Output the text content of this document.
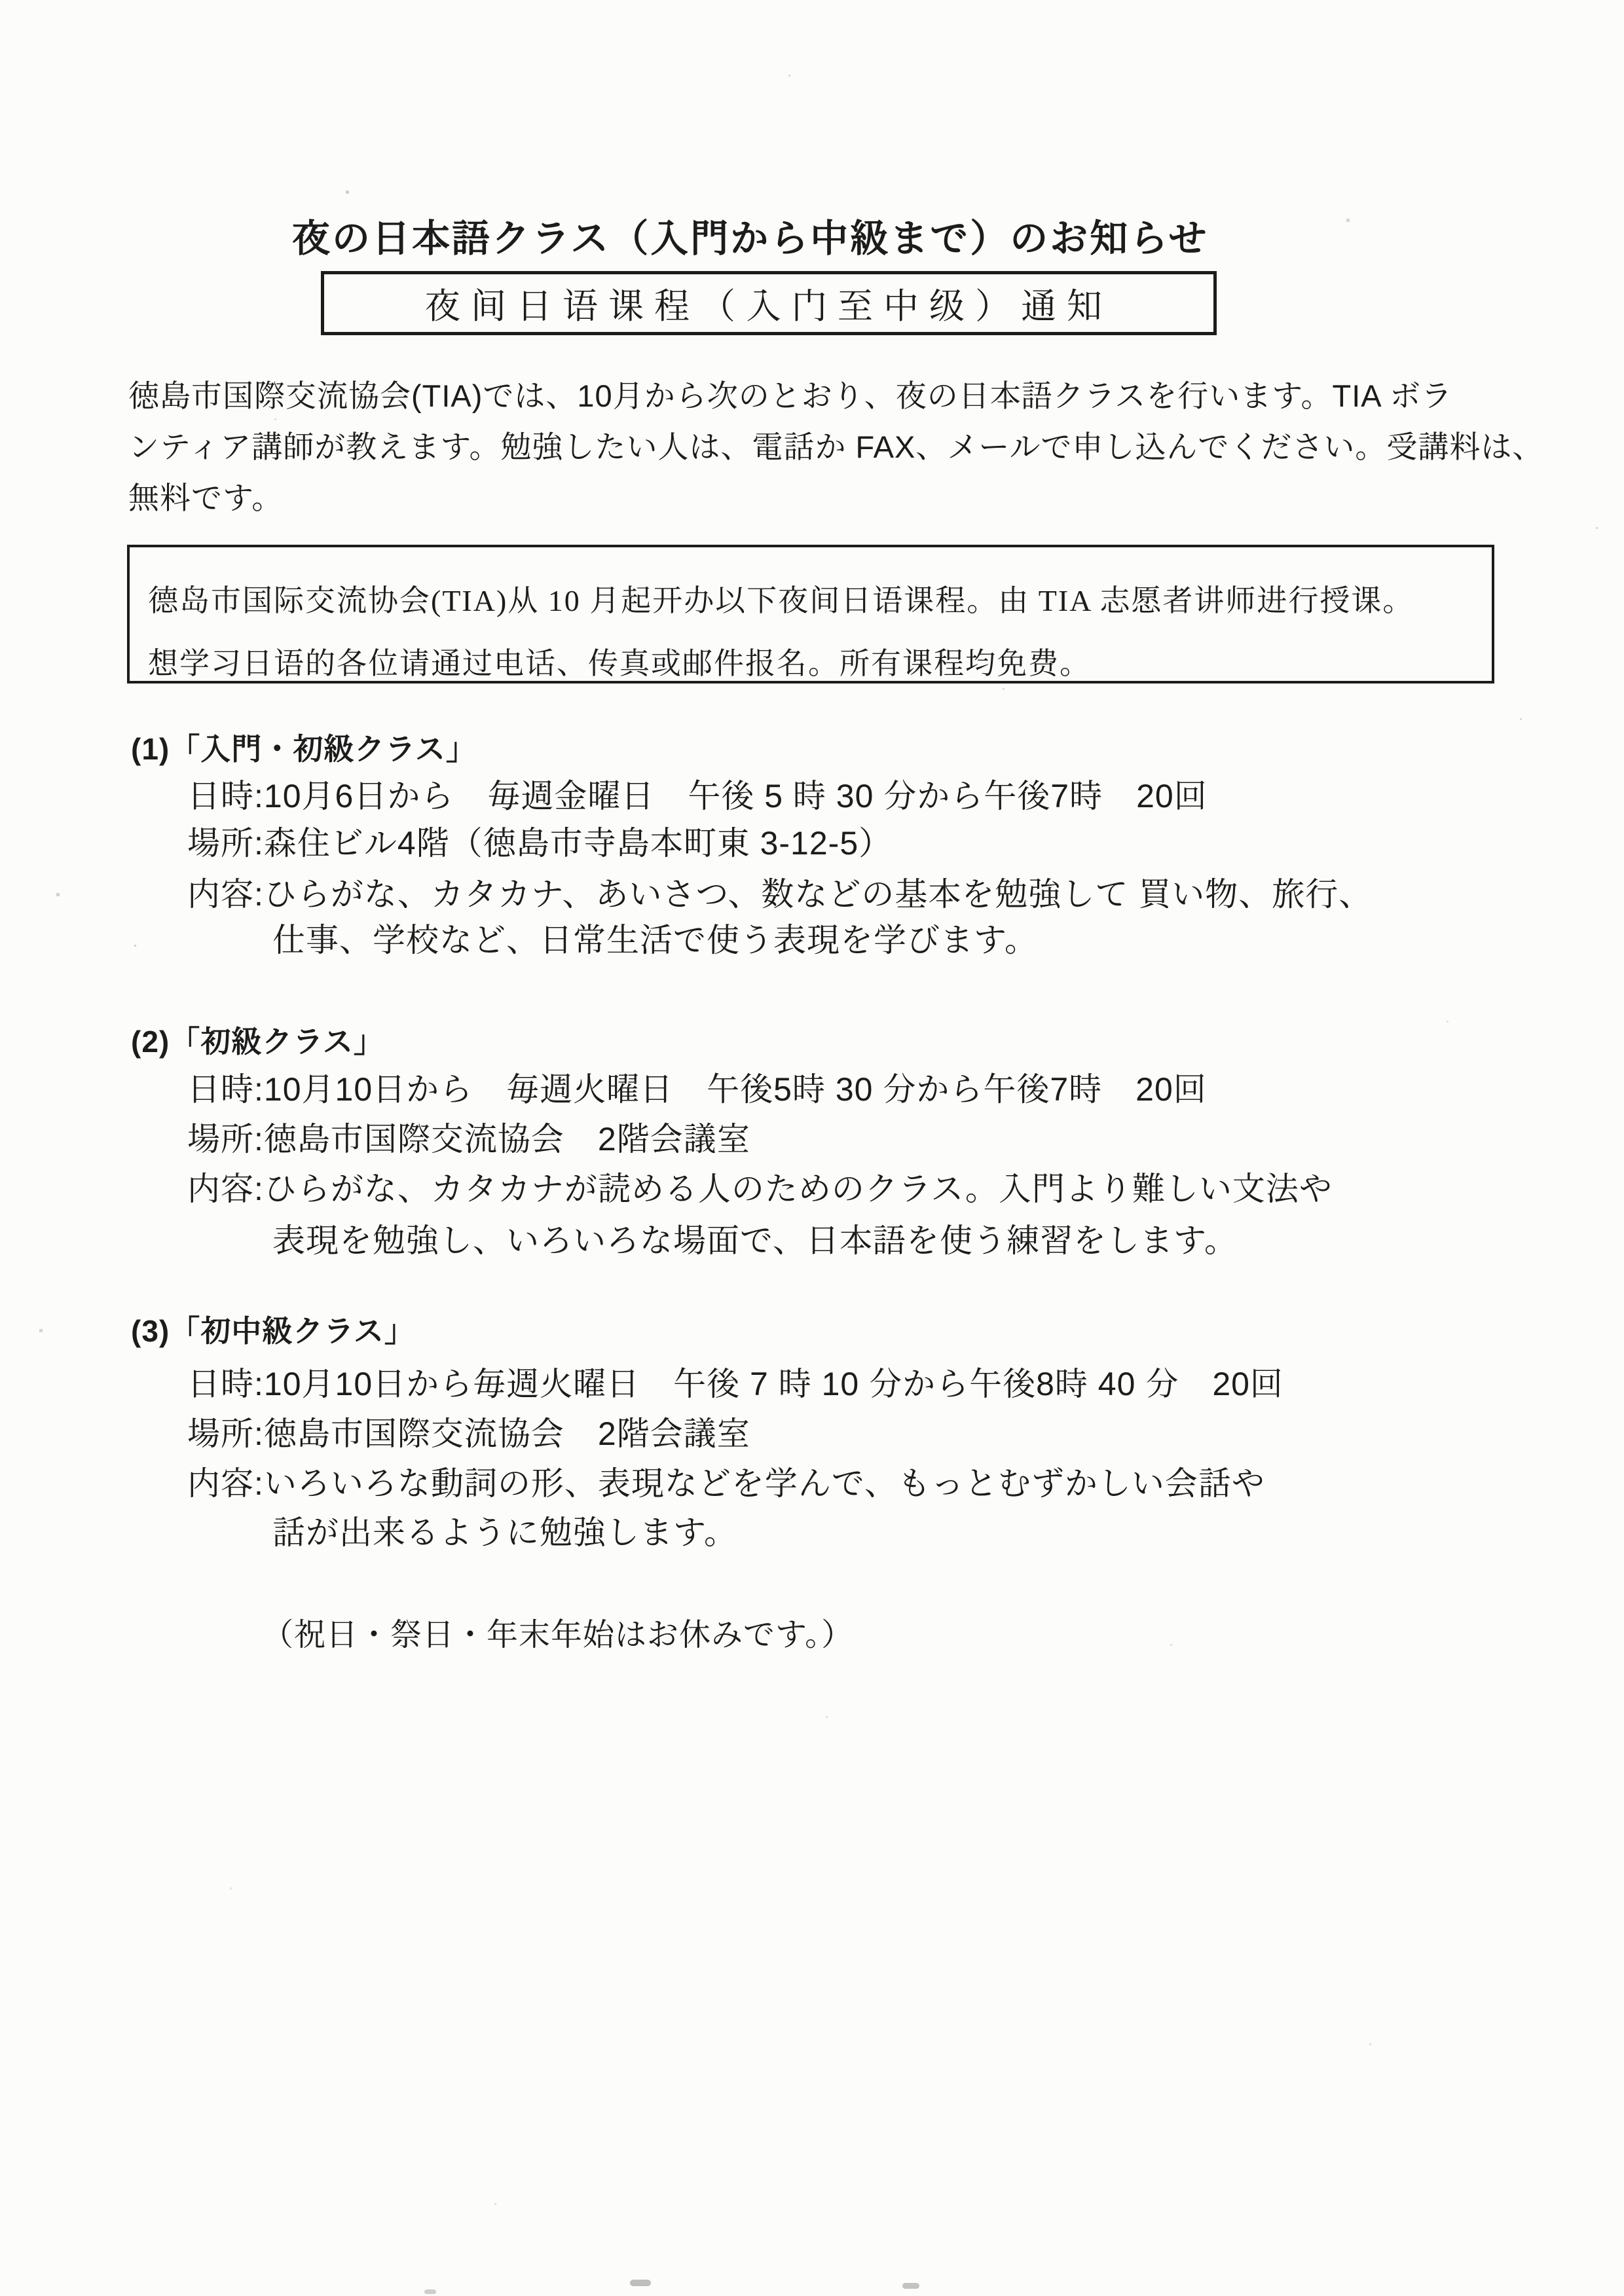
夜の日本語クラス（入門から中級まで）のお知らせ
夜间日语课程（入门至中级）通知
徳島市国際交流協会(TIA)では、10月から次のとおり、夜の日本語クラスを行います。TIA ボラ
ンティア講師が教えます。勉強したい人は、電話か FAX、メールで申し込んでください。受講料は、
無料です。
德岛市国际交流协会(TIA)从 10 月起开办以下夜间日语课程。由 TIA 志愿者讲师进行授课。
想学习日语的各位请通过电话、传真或邮件报名。所有课程均免费。
(1)「入門・初級クラス」
日時:10月6日から　毎週金曜日　午後 5 時 30 分から午後7時　20回
場所:森住ビル4階（徳島市寺島本町東 3-12-5）
内容:ひらがな、カタカナ、あいさつ、数などの基本を勉強して 買い物、旅行、
仕事、学校など、日常生活で使う表現を学びます。
(2)「初級クラス」
日時:10月10日から　毎週火曜日　午後5時 30 分から午後7時　20回
場所:徳島市国際交流協会　2階会議室
内容:ひらがな、カタカナが読める人のためのクラス。入門より難しい文法や
表現を勉強し、いろいろな場面で、日本語を使う練習をします。
(3)「初中級クラス」
日時:10月10日から毎週火曜日　午後 7 時 10 分から午後8時 40 分　20回
場所:徳島市国際交流協会　2階会議室
内容:いろいろな動詞の形、表現などを学んで、もっとむずかしい会話や
話が出来るように勉強します。
（祝日・祭日・年末年始はお休みです。）
